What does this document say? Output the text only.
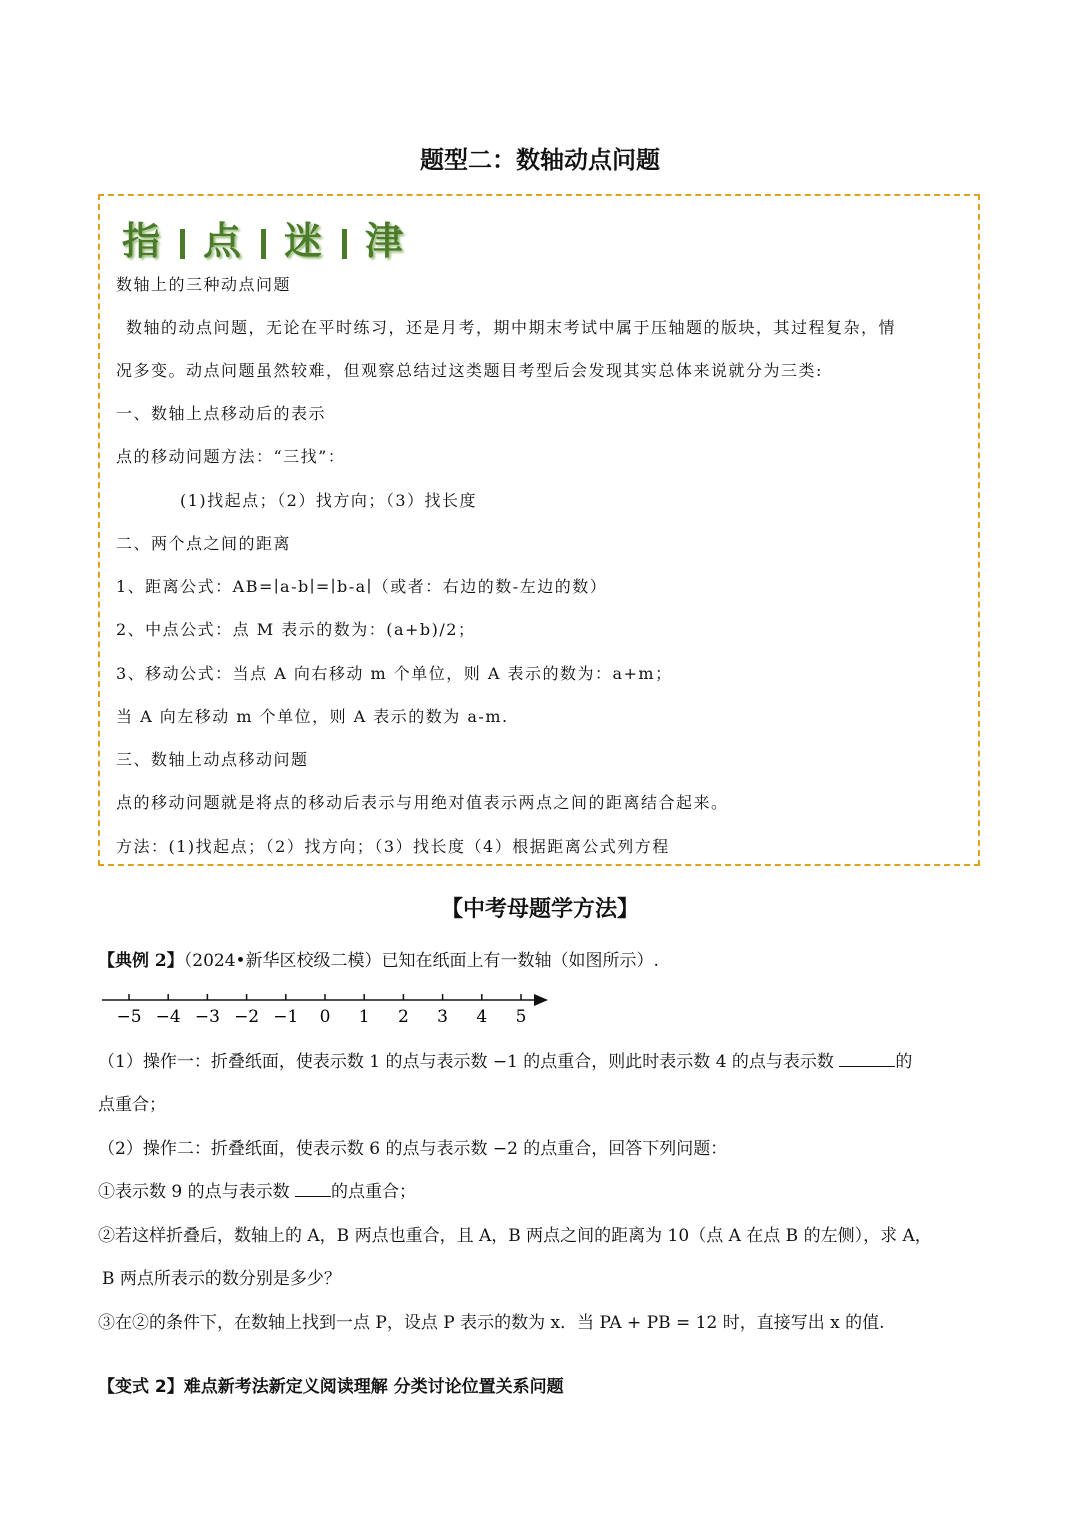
题型二：数轴动点问题
指 点 迷 津
数轴上的三种动点问题
数轴的动点问题，无论在平时练习，还是月考，期中期末考试中属于压轴题的版块，其过程复杂，情
况多变。动点问题虽然较难，但观察总结过这类题目考型后会发现其实总体来说就分为三类:
一、数轴上点移动后的表示
点的移动问题方法：“三找”：
(1)找起点；（2）找方向；（3）找长度
二、两个点之间的距离
1、距离公式：AB=∣a-b∣=∣b-a∣（或者：右边的数-左边的数）
2、中点公式：点 M 表示的数为：(a+b)/2；
3、移动公式：当点 A 向右移动 m 个单位，则 A 表示的数为：a+m；
当 A 向左移动 m 个单位，则 A 表示的数为 a-m.
三、数轴上动点移动问题
点的移动问题就是将点的移动后表示与用绝对值表示两点之间的距离结合起来。
方法：(1)找起点；（2）找方向；（3）找长度（4）根据距离公式列方程
【中考母题学方法】
【典例 2】（2024•新华区校级二模）已知在纸面上有一数轴（如图所示）.
−5 −4 −3 −2 −1 0 1 2 3 4 5
（1）操作一：折叠纸面，使表示数 1 的点与表示数 −1 的点重合，则此时表示数 4 的点与表示数	的
点重合；
（2）操作二：折叠纸面，使表示数 6 的点与表示数 −2 的点重合，回答下列问题：
①表示数 9 的点与表示数 的点重合；
②若这样折叠后，数轴上的 A，B 两点也重合，且 A，B 两点之间的距离为 10（点 A 在点 B 的左侧），求 A，
B 两点所表示的数分别是多少？
③在②的条件下，在数轴上找到一点 P，设点 P 表示的数为 x．当 PA + PB = 12 时，直接写出 x 的值.
【变式 2】难点新考法新定义阅读理解 分类讨论位置关系问题
